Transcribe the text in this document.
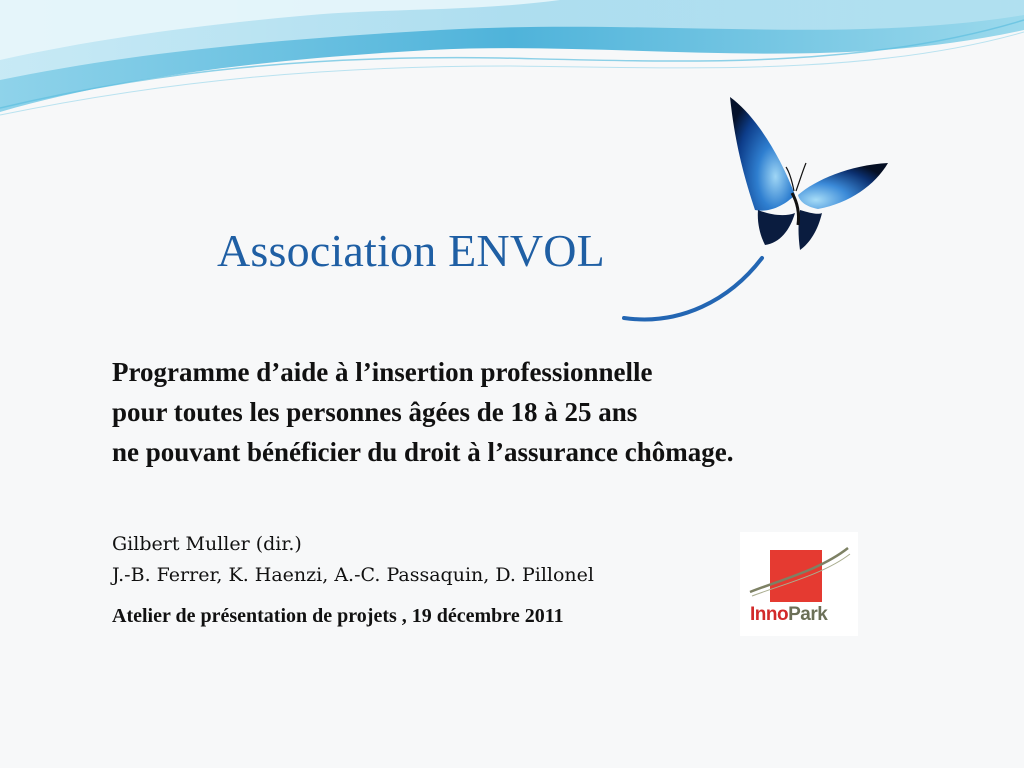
Association ENVOL
Programme d’aide à l’insertion professionnelle
pour toutes les personnes âgées de 18 à 25 ans
ne pouvant bénéficier du droit à l’assurance chômage.
Gilbert Muller (dir.)
J.-B. Ferrer, K. Haenzi, A.-C. Passaquin, D. Pillonel
Atelier de présentation de projets , 19 décembre 2011	InnoPark
